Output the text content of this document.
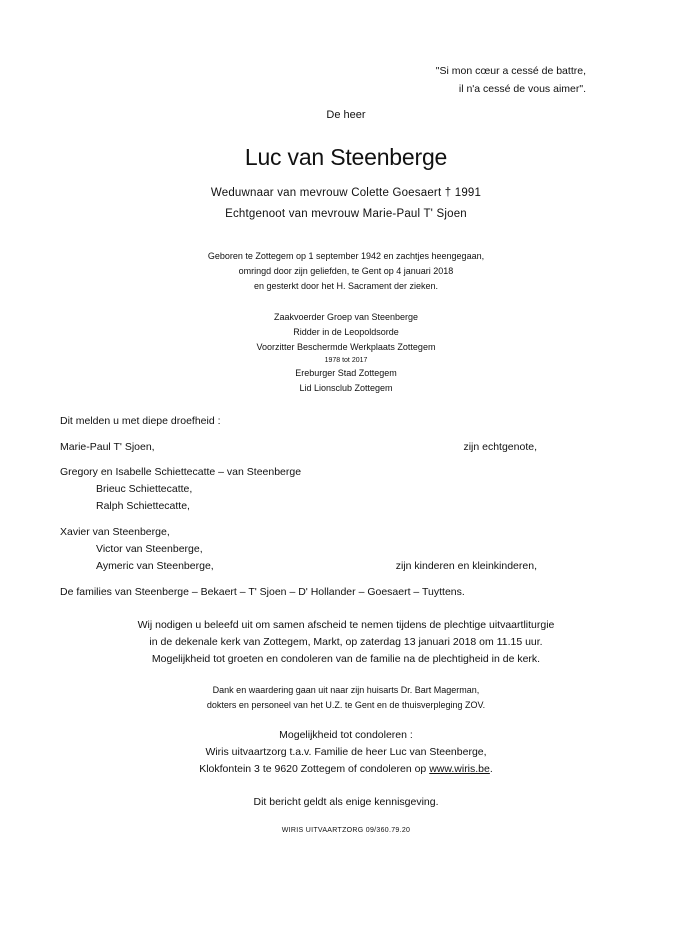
"Si mon cœur a cessé de battre,
il n'a cessé de vous aimer".
De heer
Luc van Steenberge
Weduwnaar van mevrouw Colette Goesaert † 1991
Echtgenoot van mevrouw Marie-Paul T' Sjoen
Geboren te Zottegem op 1 september 1942 en zachtjes heengegaan,
omringd door zijn geliefden, te Gent op 4 januari 2018
en gesterkt door het H. Sacrament der zieken.
Zaakvoerder Groep van Steenberge
Ridder in de Leopoldsorde
Voorzitter Beschermde Werkplaats Zottegem
1978 tot 2017
Ereburger Stad Zottegem
Lid Lionsclub Zottegem
Dit melden u met diepe droefheid :
Marie-Paul T' Sjoen,	zijn echtgenote,
Gregory en Isabelle Schiettecatte – van Steenberge
Brieuc Schiettecatte,
Ralph Schiettecatte,
Xavier van Steenberge,
Victor van Steenberge,
Aymeric van Steenberge,	zijn kinderen en kleinkinderen,
De families van Steenberge – Bekaert – T' Sjoen – D' Hollander – Goesaert – Tuyttens.
Wij nodigen u beleefd uit om samen afscheid te nemen tijdens de plechtige uitvaartliturgie
in de dekenale kerk van Zottegem, Markt, op zaterdag 13 januari 2018 om 11.15 uur.
Mogelijkheid tot groeten en condoleren van de familie na de plechtigheid in de kerk.
Dank en waardering gaan uit naar zijn huisarts Dr. Bart Magerman,
dokters en personeel van het U.Z. te Gent en de thuisverpleging ZOV.
Mogelijkheid tot condoleren :
Wiris uitvaartzorg t.a.v. Familie de heer Luc van Steenberge,
Klokfontein 3 te 9620 Zottegem of condoleren op www.wiris.be.
Dit bericht geldt als enige kennisgeving.
WIRIS UITVAARTZORG 09/360.79.20
